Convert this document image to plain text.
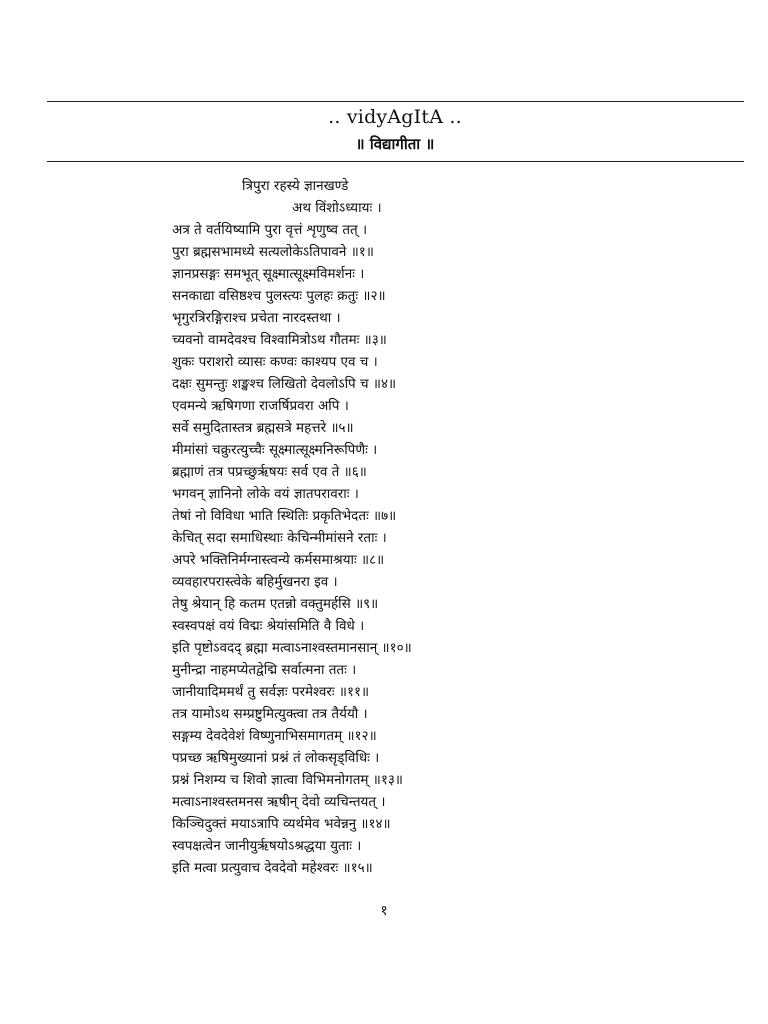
.. vidyAgItA ..
॥ विद्यागीता ॥
त्रिपुरा रहस्ये ज्ञानखण्डे
अथ विंशोऽध्यायः ।
अत्र ते वर्तयिष्यामि पुरा वृत्तं शृणुष्व तत् ।
पुरा ब्रह्मसभामध्ये सत्यलोकेऽतिपावने ॥१॥
ज्ञानप्रसङ्गः समभूत् सूक्ष्मात्सूक्ष्मविमर्शनः ।
सनकाद्या वसिष्ठश्च पुलस्त्यः पुलहः क्रतुः ॥२॥
भृगुरत्रिरङ्गिराश्च प्रचेता नारदस्तथा ।
च्यवनो वामदेवश्च विश्वामित्रोऽथ गौतमः ॥३॥
शुकः पराशरो व्यासः कण्वः काश्यप एव च ।
दक्षः सुमन्तुः शङ्खश्च लिखितो देवलोऽपि च ॥४॥
एवमन्ये ऋषिगणा राजर्षिप्रवरा अपि ।
सर्वे समुदितास्तत्र ब्रह्मसत्रे महत्तरे ॥५॥
मीमांसां चक्रुरत्युच्चैः सूक्ष्मात्सूक्ष्मनिरूपिणैः ।
ब्रह्माणं तत्र पप्रच्छुर्ऋषयः सर्व एव ते ॥६॥
भगवन् ज्ञानिनो लोके वयं ज्ञातपरावराः ।
तेषां नो विविधा भाति स्थितिः प्रकृतिभेदतः ॥७॥
केचित् सदा समाधिस्थाः केचिन्मीमांसने रताः ।
अपरे भक्तिनिर्मग्नास्त्वन्ये कर्मसमाश्रयाः ॥८॥
व्यवहारपरास्त्वेके बहिर्मुखनरा इव ।
तेषु श्रेयान् हि कतम एतन्नो वक्तुमर्हसि ॥९॥
स्वस्वपक्षं वयं विद्मः श्रेयांसमिति वै विधे ।
इति पृष्टोऽवदद् ब्रह्मा मत्वाऽनाश्वस्तमानसान् ॥१०॥
मुनीन्द्रा नाहमप्येतद्वेद्मि सर्वात्मना ततः ।
जानीयादिममर्थं तु सर्वज्ञः परमेश्वरः ॥११॥
तत्र यामोऽथ सम्प्रष्टुमित्युक्त्वा तत्र तैर्ययौ ।
सङ्गम्य देवदेवेशं विष्णुनाभिसमागतम् ॥१२॥
पप्रच्छ ऋषिमुख्यानां प्रश्नं तं लोकसृड्विधिः ।
प्रश्नं निशम्य च शिवो ज्ञात्वा विभिमनोगतम् ॥१३॥
मत्वाऽनाश्वस्तमनस ऋषीन् देवो व्यचिन्तयत् ।
किञ्चिदुक्तं मयाऽत्रापि व्यर्थमेव भवेन्ननु ॥१४॥
स्वपक्षत्वेन जानीयुर्ऋषयोऽश्रद्धया युताः ।
इति मत्वा प्रत्युवाच देवदेवो महेश्वरः ॥१५॥
१
